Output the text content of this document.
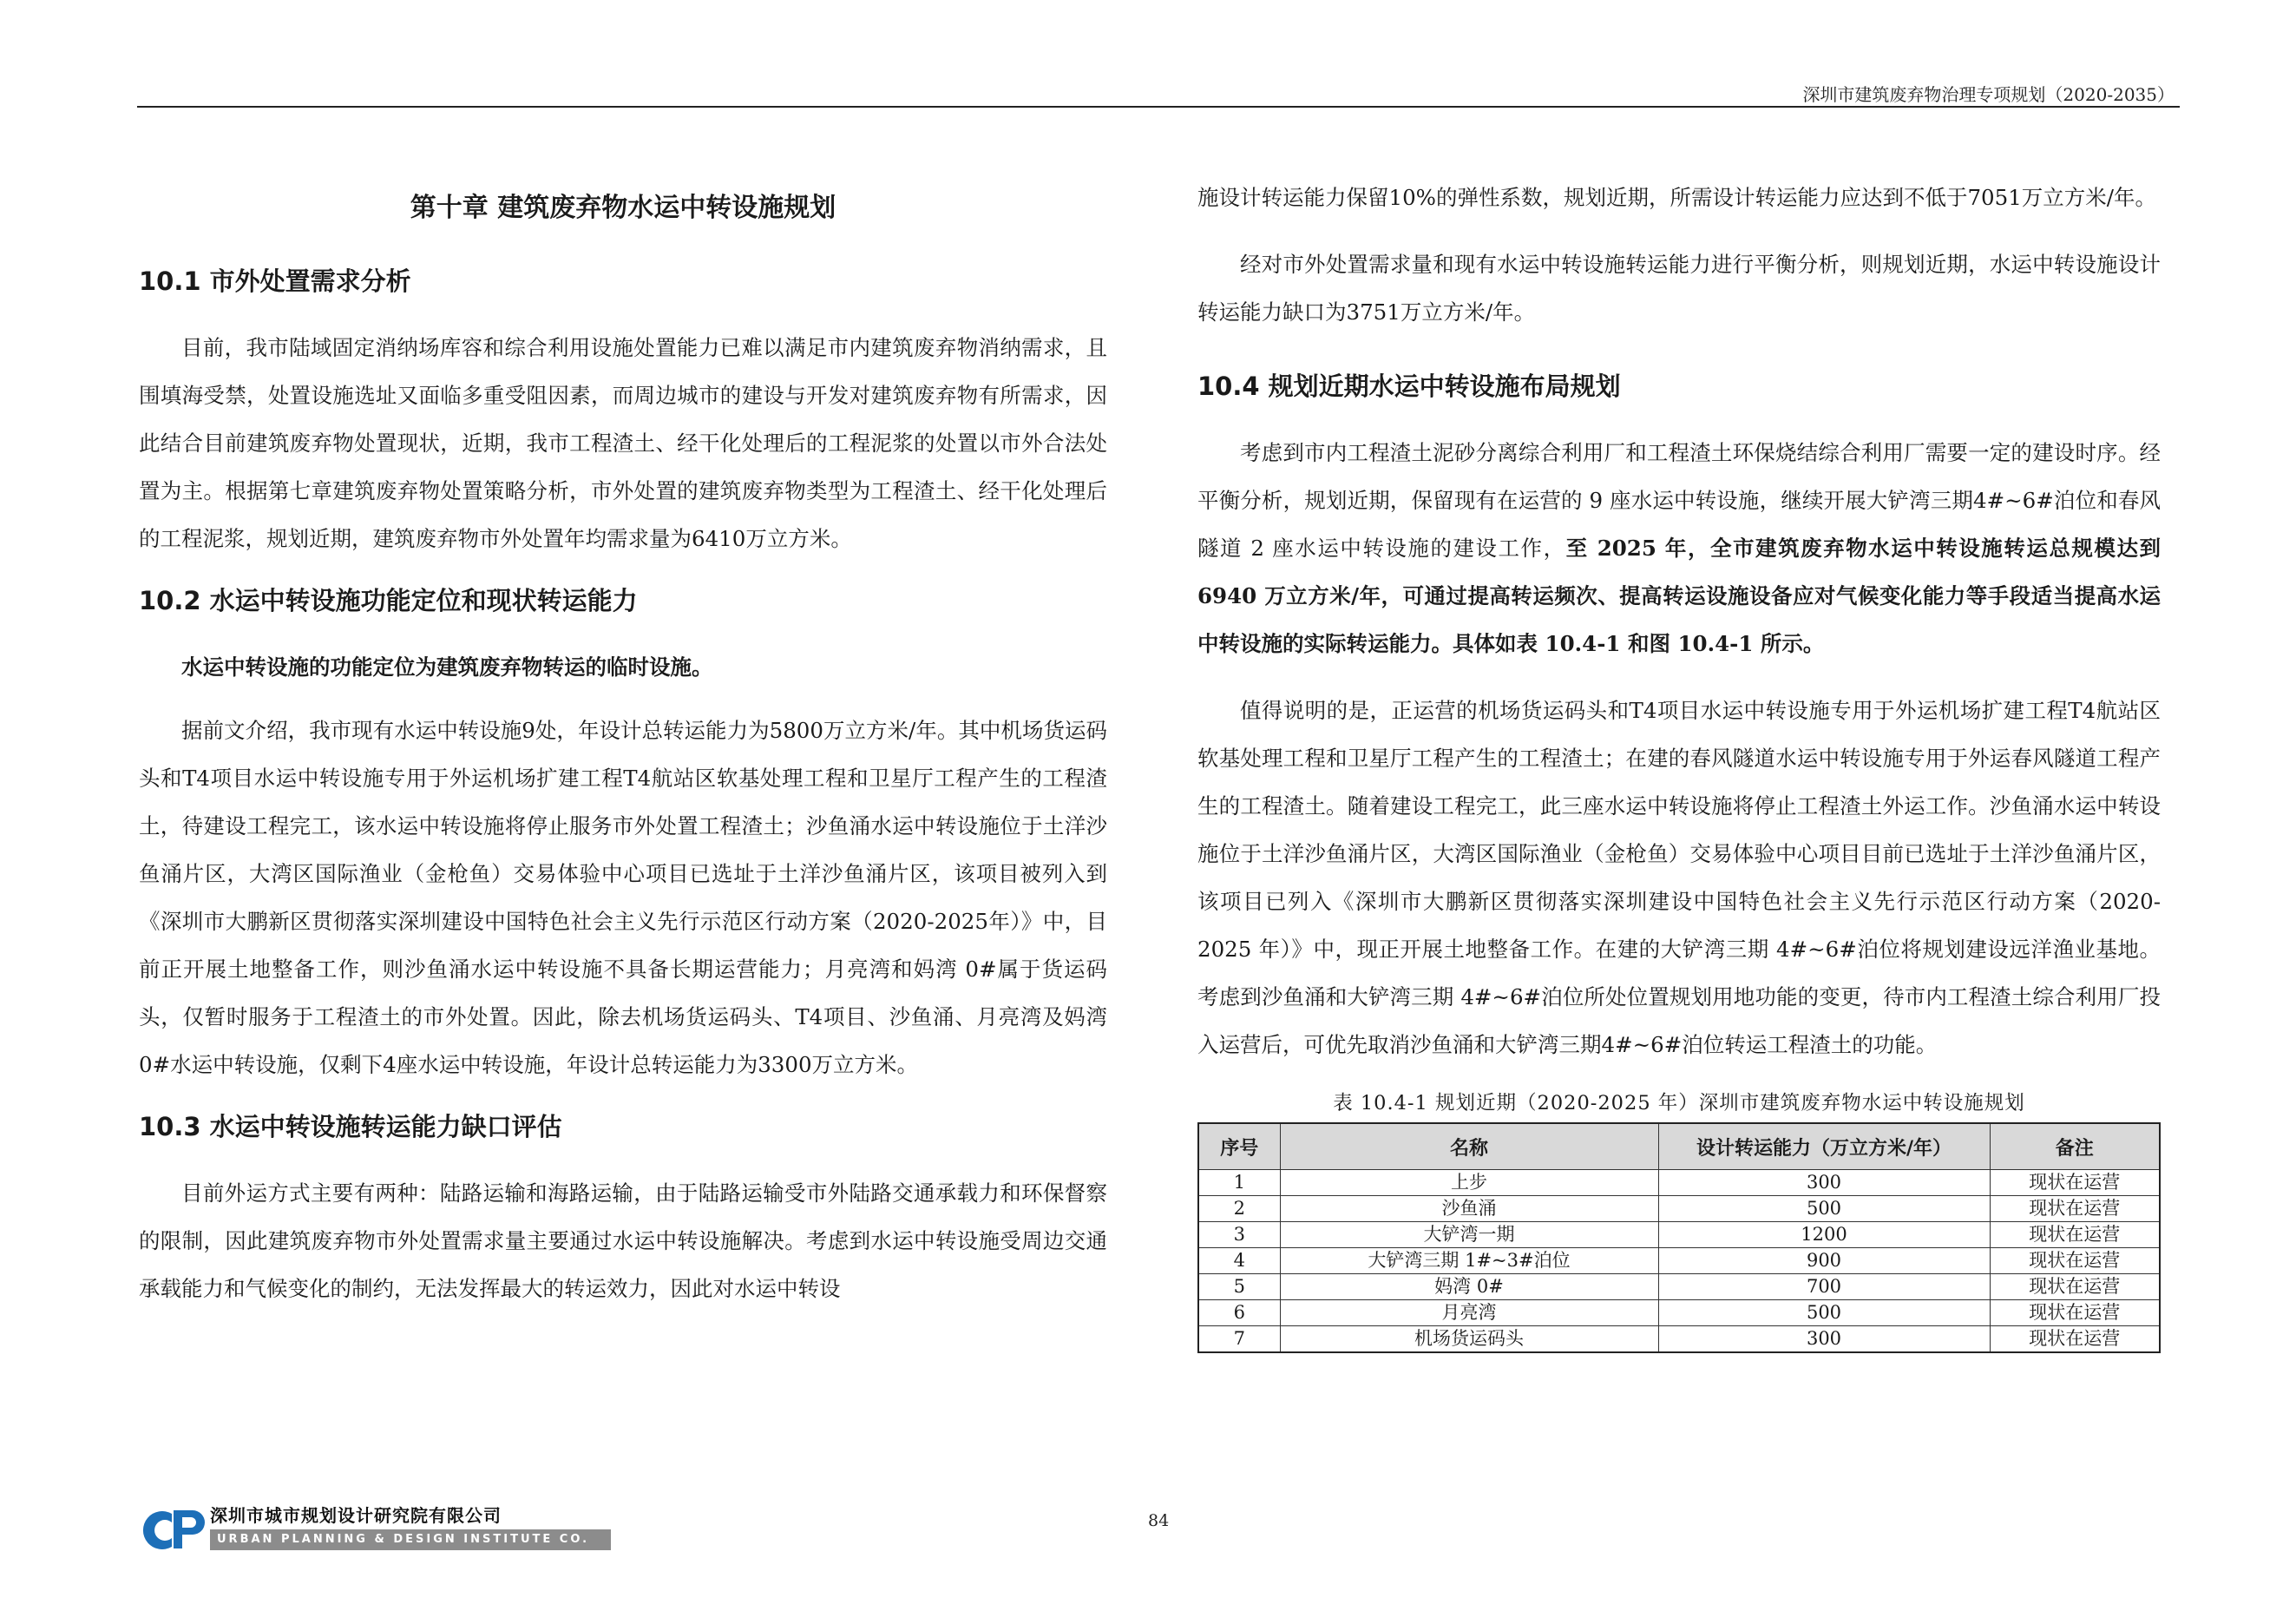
深圳市建筑废弃物治理专项规划（2020-2035）
第十章 建筑废弃物水运中转设施规划
10.1 市外处置需求分析

目前，我市陆域固定消纳场库容和综合利用设施处置能力已难以满足市内建筑废弃物消纳需求，且围填海受禁，处置设施选址又面临多重受阻因素，而周边城市的建设与开发对建筑废弃物有所需求，因此结合目前建筑废弃物处置现状，近期，我市工程渣土、经干化处理后的工程泥浆的处置以市外合法处置为主。根据第七章建筑废弃物处置策略分析，市外处置的建筑废弃物类型为工程渣土、经干化处理后的工程泥浆，规划近期，建筑废弃物市外处置年均需求量为6410万立方米。

10.2 水运中转设施功能定位和现状转运能力

水运中转设施的功能定位为建筑废弃物转运的临时设施。

据前文介绍，我市现有水运中转设施9处，年设计总转运能力为5800万立方米/年。其中机场货运码头和T4项目水运中转设施专用于外运机场扩建工程T4航站区软基处理工程和卫星厅工程产生的工程渣土，待建设工程完工，该水运中转设施将停止服务市外处置工程渣土；沙鱼涌水运中转设施位于土洋沙鱼涌片区，大湾区国际渔业（金枪鱼）交易体验中心项目已选址于土洋沙鱼涌片区，该项目被列入到《深圳市大鹏新区贯彻落实深圳建设中国特色社会主义先行示范区行动方案（2020-2025年）》中，目前正开展土地整备工作，则沙鱼涌水运中转设施不具备长期运营能力；月亮湾和妈湾 0#属于货运码头，仅暂时服务于工程渣土的市外处置。因此，除去机场货运码头、T4项目、沙鱼涌、月亮湾及妈湾0#水运中转设施，仅剩下4座水运中转设施，年设计总转运能力为3300万立方米。

10.3 水运中转设施转运能力缺口评估

目前外运方式主要有两种：陆路运输和海路运输，由于陆路运输受市外陆路交通承载力和环保督察的限制，因此建筑废弃物市外处置需求量主要通过水运中转设施解决。考虑到水运中转设施受周边交通承载能力和气候变化的制约，无法发挥最大的转运效力，因此对水运中转设

施设计转运能力保留10%的弹性系数，规划近期，所需设计转运能力应达到不低于7051万立方米/年。

经对市外处置需求量和现有水运中转设施转运能力进行平衡分析，则规划近期，水运中转设施设计转运能力缺口为3751万立方米/年。

10.4 规划近期水运中转设施布局规划

考虑到市内工程渣土泥砂分离综合利用厂和工程渣土环保烧结综合利用厂需要一定的建设时序。经平衡分析，规划近期，保留现有在运营的 9 座水运中转设施，继续开展大铲湾三期4#~6#泊位和春风隧道 2 座水运中转设施的建设工作，至 2025 年，全市建筑废弃物水运中转设施转运总规模达到 6940 万立方米/年，可通过提高转运频次、提高转运设施设备应对气候变化能力等手段适当提高水运中转设施的实际转运能力。具体如表 10.4-1 和图 10.4-1 所示。

值得说明的是，正运营的机场货运码头和T4项目水运中转设施专用于外运机场扩建工程T4航站区软基处理工程和卫星厅工程产生的工程渣土；在建的春风隧道水运中转设施专用于外运春风隧道工程产生的工程渣土。随着建设工程完工，此三座水运中转设施将停止工程渣土外运工作。沙鱼涌水运中转设施位于土洋沙鱼涌片区，大湾区国际渔业（金枪鱼）交易体验中心项目目前已选址于土洋沙鱼涌片区，该项目已列入《深圳市大鹏新区贯彻落实深圳建设中国特色社会主义先行示范区行动方案（2020-2025 年）》中，现正开展土地整备工作。在建的大铲湾三期 4#~6#泊位将规划建设远洋渔业基地。考虑到沙鱼涌和大铲湾三期 4#~6#泊位所处位置规划用地功能的变更，待市内工程渣土综合利用厂投入运营后，可优先取消沙鱼涌和大铲湾三期4#~6#泊位转运工程渣土的功能。

表 10.4-1 规划近期（2020-2025 年）深圳市建筑废弃物水运中转设施规划
序号	名称	设计转运能力（万立方米/年）	备注
1	上步	300	现状在运营
2	沙鱼涌	500	现状在运营
3	大铲湾一期	1200	现状在运营
4	大铲湾三期 1#~3#泊位	900	现状在运营
5	妈湾 0#	700	现状在运营
6	月亮湾	500	现状在运营
7	机场货运码头	300	现状在运营
深圳市城市规划设计研究院有限公司
URBAN PLANNING & DESIGN INSTITUTE CO. OF SHENZHEN
84
